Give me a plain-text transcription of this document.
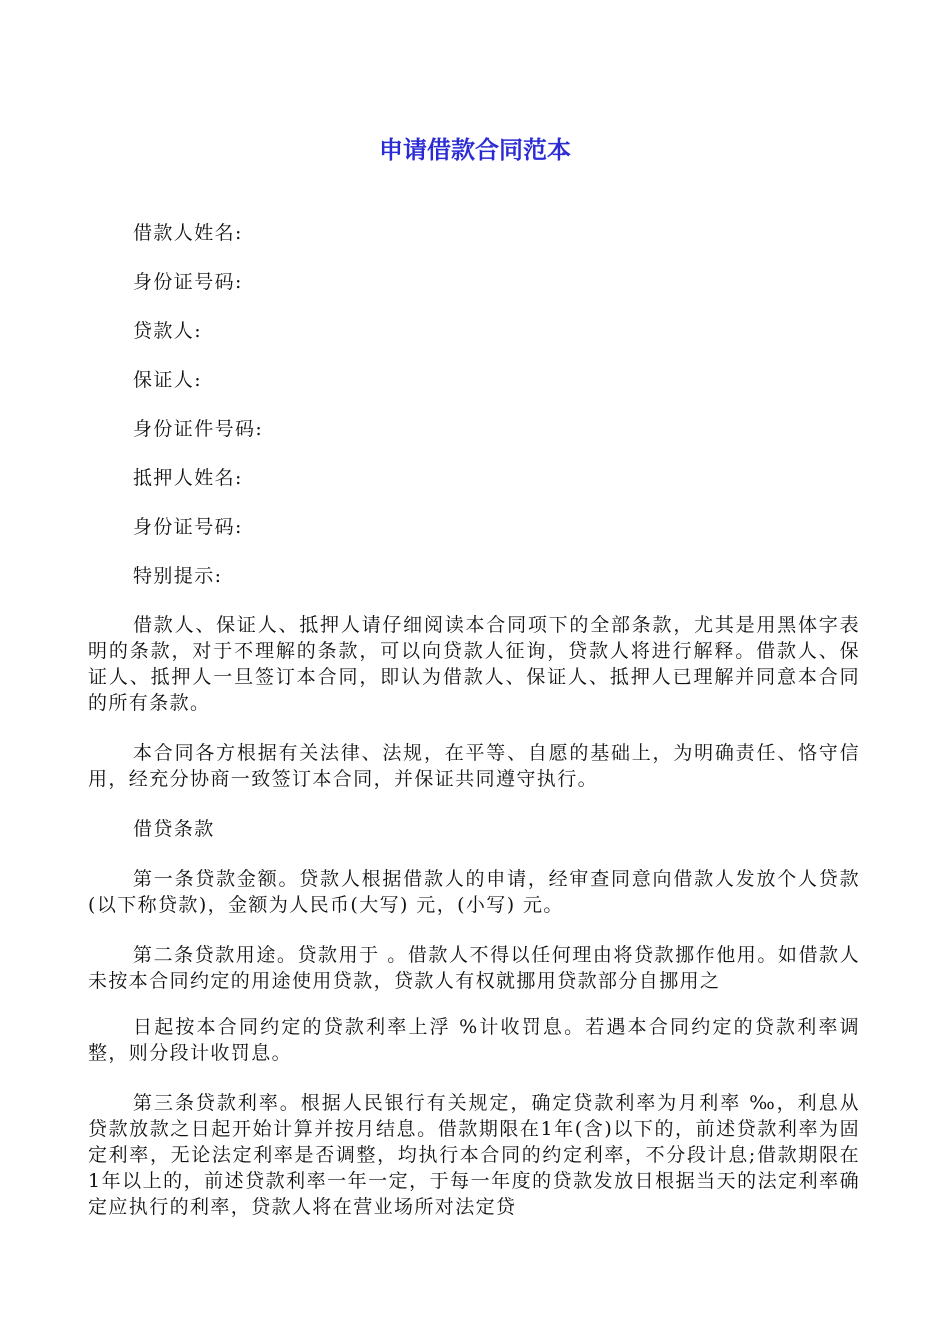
申请借款合同范本
借款人姓名:
身份证号码:
贷款人:
保证人:
身份证件号码:
抵押人姓名:
身份证号码:
特别提示:

借款人、保证人、抵押人请仔细阅读本合同项下的全部条款，尤其是用黑体字表明的条款，对于不理解的条款，可以向贷款人征询，贷款人将进行解释。借款人、保证人、抵押人一旦签订本合同，即认为借款人、保证人、抵押人已理解并同意本合同的所有条款。

本合同各方根据有关法律、法规，在平等、自愿的基础上，为明确责任、恪守信用，经充分协商一致签订本合同，并保证共同遵守执行。

借贷条款

第一条贷款金额。贷款人根据借款人的申请，经审查同意向借款人发放个人贷款(以下称贷款)，金额为人民币(大写) 元，(小写) 元。

第二条贷款用途。贷款用于 。借款人不得以任何理由将贷款挪作他用。如借款人未按本合同约定的用途使用贷款，贷款人有权就挪用贷款部分自挪用之

日起按本合同约定的贷款利率上浮 %计收罚息。若遇本合同约定的贷款利率调整，则分段计收罚息。

第三条贷款利率。根据人民银行有关规定，确定贷款利率为月利率 ‰，利息从贷款放款之日起开始计算并按月结息。借款期限在1年(含)以下的，前述贷款利率为固定利率，无论法定利率是否调整，均执行本合同的约定利率，不分段计息;借款期限在1年以上的，前述贷款利率一年一定，于每一年度的贷款发放日根据当天的法定利率确定应执行的利率，贷款人将在营业场所对法定贷
